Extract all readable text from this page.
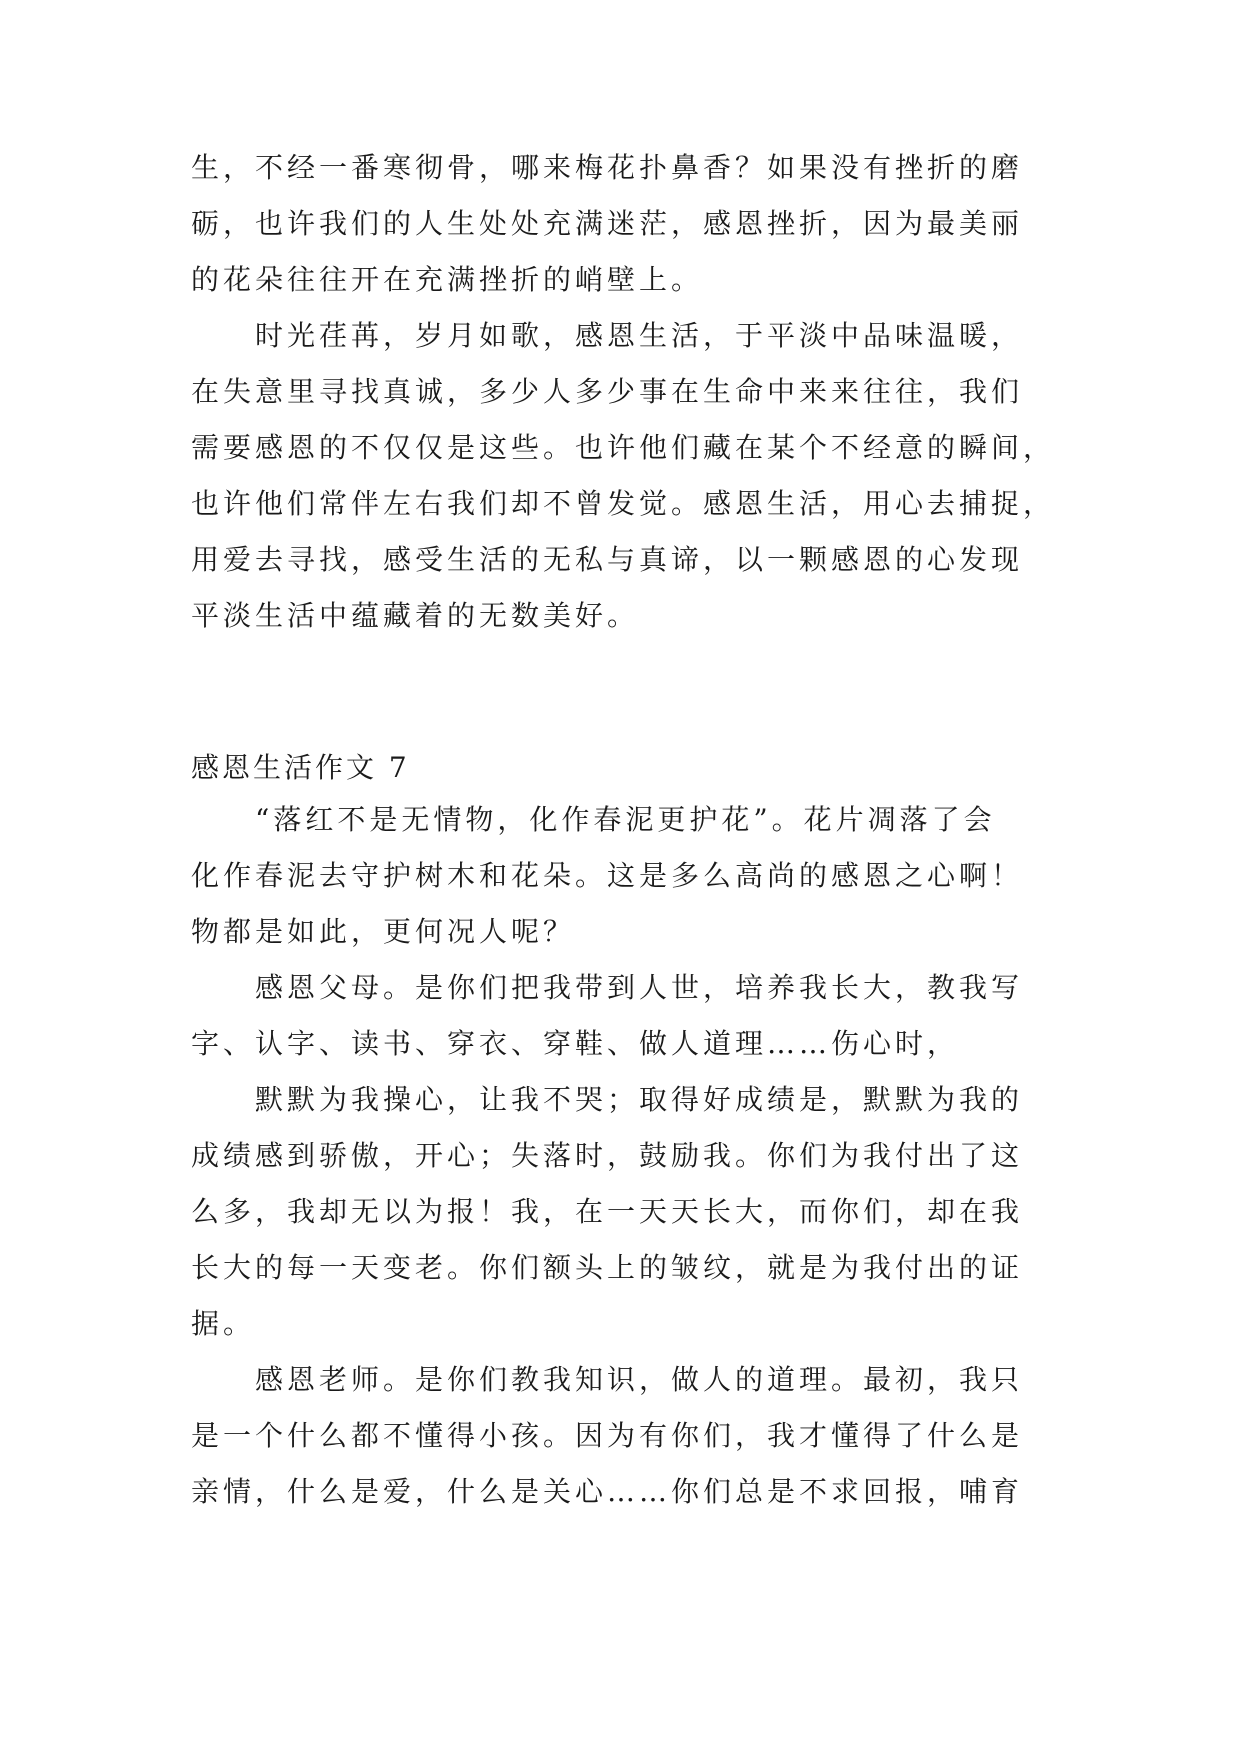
生，不经一番寒彻骨，哪来梅花扑鼻香？如果没有挫折的磨
砺，也许我们的人生处处充满迷茫，感恩挫折，因为最美丽
的花朵往往开在充满挫折的峭壁上。
时光荏苒，岁月如歌，感恩生活，于平淡中品味温暖，
在失意里寻找真诚，多少人多少事在生命中来来往往，我们
需要感恩的不仅仅是这些。也许他们藏在某个不经意的瞬间，
也许他们常伴左右我们却不曾发觉。感恩生活，用心去捕捉，
用爱去寻找，感受生活的无私与真谛，以一颗感恩的心发现
平淡生活中蕴藏着的无数美好。
感恩生活作文 7
“落红不是无情物，化作春泥更护花”。花片凋落了会
化作春泥去守护树木和花朵。这是多么高尚的感恩之心啊！
物都是如此，更何况人呢？
感恩父母。是你们把我带到人世，培养我长大，教我写
字、认字、读书、穿衣、穿鞋、做人道理……伤心时，
默默为我操心，让我不哭；取得好成绩是，默默为我的
成绩感到骄傲，开心；失落时，鼓励我。你们为我付出了这
么多，我却无以为报！我，在一天天长大，而你们，却在我
长大的每一天变老。你们额头上的皱纹，就是为我付出的证
据。
感恩老师。是你们教我知识，做人的道理。最初，我只
是一个什么都不懂得小孩。因为有你们，我才懂得了什么是
亲情，什么是爱，什么是关心……你们总是不求回报，哺育
